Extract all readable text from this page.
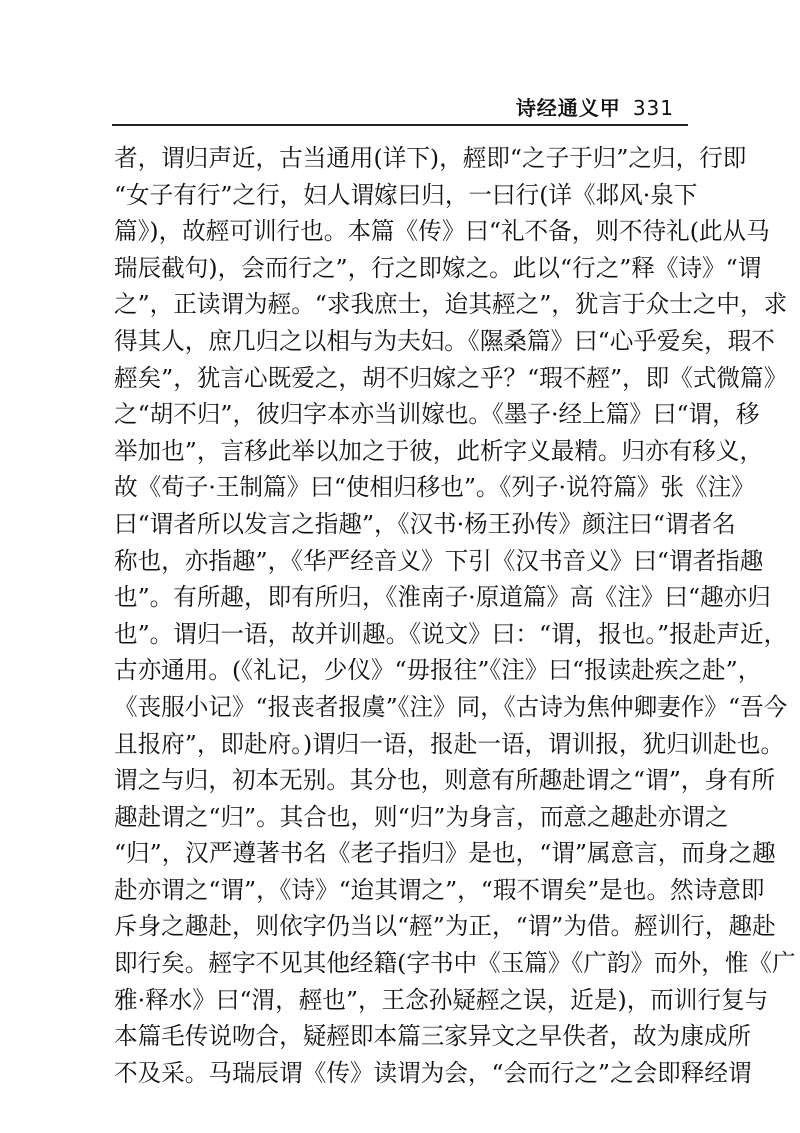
诗经通义甲 331
者，谓归声近，古当通用(详下)，䞓即“之子于归”之归，行即
“女子有行”之行，妇人谓嫁曰归，一曰行(详《邶风·泉下
篇》)，故䞓可训行也。本篇《传》曰“礼不备，则不待礼(此从马
瑞辰截句)，会而行之”，行之即嫁之。此以“行之”释《诗》“谓
之”，正读谓为䞓。“求我庶士，迨其䞓之”，犹言于众士之中，求
得其人，庶几归之以相与为夫妇。《隰桑篇》曰“心乎爱矣，瑕不
䞓矣”，犹言心既爱之，胡不归嫁之乎？“瑕不䞓”，即《式微篇》
之“胡不归”，彼归字本亦当训嫁也。《墨子·经上篇》曰“谓，移
举加也”，言移此举以加之于彼，此析字义最精。归亦有移义，
故《荀子·王制篇》曰“使相归移也”。《列子·说符篇》张《注》
曰“谓者所以发言之指趣”，《汉书·杨王孙传》颜注曰“谓者名
称也，亦指趣”，《华严经音义》下引《汉书音义》曰“谓者指趣
也”。有所趣，即有所归，《淮南子·原道篇》高《注》曰“趣亦归
也”。谓归一语，故并训趣。《说文》曰：“谓，报也。”报赴声近，
古亦通用。(《礼记，少仪》“毋报往”《注》曰“报读赴疾之赴”，
《丧服小记》“报丧者报虞”《注》同，《古诗为焦仲卿妻作》“吾今
且报府”，即赴府。)谓归一语，报赴一语，谓训报，犹归训赴也。
谓之与归，初本无别。其分也，则意有所趣赴谓之“谓”，身有所
趣赴谓之“归”。其合也，则“归”为身言，而意之趣赴亦谓之
“归”，汉严遵著书名《老子指归》是也，“谓”属意言，而身之趣
赴亦谓之“谓”，《诗》“迨其谓之”，“瑕不谓矣”是也。然诗意即
斥身之趣赴，则依字仍当以“䞓”为正，“谓”为借。䞓训行，趣赴
即行矣。䞓字不见其他经籍(字书中《玉篇》《广韵》而外，惟《广
雅·释水》曰“渭，䞓也”，王念孙疑䞓之误，近是)，而训行复与
本篇毛传说吻合，疑䞓即本篇三家异文之早佚者，故为康成所
不及采。马瑞辰谓《传》读谓为会，“会而行之”之会即释经谓
